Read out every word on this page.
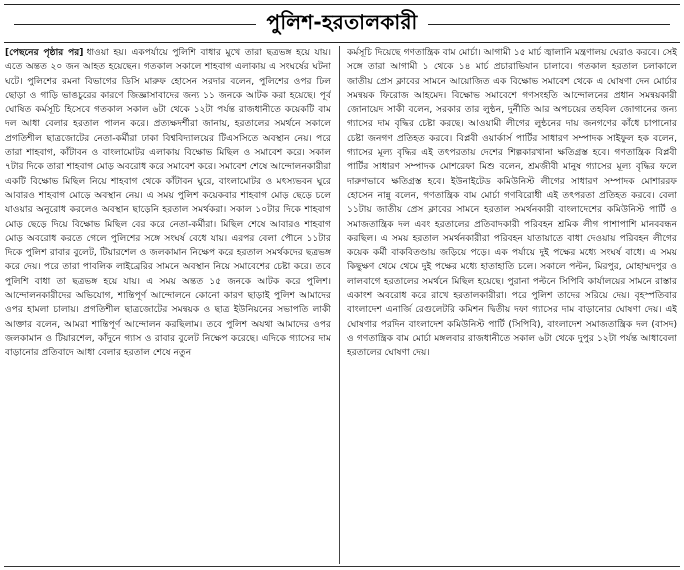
পুলিশ-হরতালকারী

[পেছনের পৃষ্ঠার পর] ধাওয়া হয়। একপর্যায়ে পুলিশি বাধার মুখে তারা ছত্রভঙ্গ হয়ে যায়। এতে অন্তত ২০ জন আহত হয়েছেন। গতকাল সকালে শাহবাগ এলাকায় এ সংঘর্ষের ঘটনা ঘটে। পুলিশের রমনা বিভাগের ডিসি মারুফ হোসেন সরদার বলেন, পুলিশের ওপর ঢিল ছোড়া ও গাড়ি ভাঙচুরের কারণে জিজ্ঞাসাবাদের জন্য ১১ জনকে আটক করা হয়েছে। পূর্ব ঘোষিত কর্মসূচি হিসেবে গতকাল সকাল ৬টা থেকে ১২টা পর্যন্ত রাজধানীতে কয়েকটি বাম দল আধা বেলার হরতাল পালন করে। প্রত্যক্ষদর্শীরা জানায়, হরতালের সমর্থনে সকালে প্রগতিশীল ছাত্রজোটের নেতা-কর্মীরা ঢাকা বিশ্ববিদ্যালয়ের টিএসসিতে অবস্থান নেয়। পরে তারা শাহবাগ, কাঁটাবন ও বাংলামোটর এলাকায় বিক্ষোভ মিছিল ও সমাবেশ করে। সকাল ৭টার দিকে তারা শাহবাগ মোড় অবরোধ করে সমাবেশ করে। সমাবেশ শেষে আন্দোলনকারীরা একটি বিক্ষোভ মিছিল নিয়ে শাহবাগ থেকে কাঁটাবন ঘুরে, বাংলামোটর ও মৎস্যভবন ঘুরে আবারও শাহবাগ মোড়ে অবস্থান নেয়। এ সময় পুলিশ কয়েকবার শাহবাগ মোড় ছেড়ে চলে যাওয়ার অনুরোধ করলেও অবস্থান ছাড়েনি হরতাল সমর্থকরা। সকাল ১০টার দিকে শাহবাগ মোড় ছেড়ে দিয়ে বিক্ষোভ মিছিল বের করে নেতা-কর্মীরা। মিছিল শেষে আবারও শাহবাগ মোড় অবরোধ করতে গেলে পুলিশের সঙ্গে সংঘর্ষ বেধে যায়। এরপর বেলা পৌনে ১১টার দিকে পুলিশ রাবার বুলেট, টিয়ারশেল ও জলকামান নিক্ষেপ করে হরতাল সমর্থকদের ছত্রভঙ্গ করে দেয়। পরে তারা পাবলিক লাইব্রেরির সামনে অবস্থান নিয়ে সমাবেশের চেষ্টা করে। তবে পুলিশি বাধা তা ছত্রভঙ্গ হয়ে যায়। এ সময় অন্তত ১৫ জনকে আটক করে পুলিশ। আন্দোলনকারীদের অভিযোগ, শান্তিপূর্ণ আন্দোলনে কোনো কারণ ছাড়াই পুলিশ আমাদের ওপর হামলা চালায়। প্রগতিশীল ছাত্রজোটের সমন্বয়ক ও ছাত্র ইউনিয়নের সভাপতি লাকী আক্তার বলেন, আমরা শান্তিপূর্ণ আন্দোলন করছিলাম। তবে পুলিশ অযথা আমাদের ওপর জলকামান ও টিয়ারশেল, কাঁদুনে গ্যাস ও রাবার বুলেট নিক্ষেপ করেছে। এদিকে গ্যাসের দাম বাড়ানোর প্রতিবাদে আধা বেলার হরতাল শেষে নতুন

কর্মসূচি দিয়েছে গণতান্ত্রিক বাম মোর্চা। আগামী ১৫ মার্চ জ্বালানি মন্ত্রণালয় ঘেরাও করবে। সেই সঙ্গে তারা আগামী ১ থেকে ১৪ মার্চ প্রচারাভিযান চালাবে। গতকাল হরতাল চলাকালে জাতীয় প্রেস ক্লাবের সামনে আয়োজিত এক বিক্ষোভ সমাবেশ থেকে এ ঘোষণা দেন মোর্চার সমন্বয়ক ফিরোজ আহমেদ। বিক্ষোভ সমাবেশে গণসংহতি আন্দোলনের প্রধান সমন্বয়কারী জোনায়েদ সাকী বলেন, সরকার তার লুন্ঠন, দুর্নীতি আর অপচয়ের তহবিল জোগানের জন্য গ্যাসের দাম বৃদ্ধির চেষ্টা করছে। আওয়ামী লীগের লুন্ঠনের দায় জনগণের কাঁধে চাপানোর চেষ্টা জনগণ প্রতিহত করবে। বিপ্লবী ওয়ার্কার্স পার্টির সাধারণ সম্পাদক সাইফুল হক বলেন, গ্যাসের মূল্য বৃদ্ধির এই তৎপরতায় দেশের শিল্পকারখানা ক্ষতিগ্রস্ত হবে। গণতান্ত্রিক বিপ্লবী পার্টির সাধারণ সম্পাদক মোশরেফা মিশু বলেন, শ্রমজীবী মানুষ গ্যাসের মূল্য বৃদ্ধির ফলে দারুণভাবে ক্ষতিগ্রস্ত হবে। ইউনাইটেড কমিউনিস্ট লীগের সাধারণ সম্পাদক মোশাররফ হোসেন নান্নু বলেন, গণতান্ত্রিক বাম মোর্চা গণবিরোধী এই তৎপরতা প্রতিহত করবে। বেলা ১১টায় জাতীয় প্রেস ক্লাবের সামনে হরতাল সমর্থনকারী বাংলাদেশের কমিউনিস্ট পার্টি ও সমাজতান্ত্রিক দল এবং হরতালের প্রতিবাদকারী পরিবহন শ্রমিক লীগ পাশাপাশি মানববন্ধন করছিল। এ সময় হরতাল সমর্থনকারীরা পরিবহন যাতায়াতে বাধা দেওয়ায় পরিবহন লীগের কয়েক কর্মী বাকবিতণ্ডায় জড়িয়ে পড়ে। এক পর্যায়ে দুই পক্ষের মধ্যে সংঘর্ষ বাধে। এ সময় কিছুক্ষণ থেমে থেমে দুই পক্ষের মধ্যে হাতাহাতি চলে। সকালে পল্টন, মিরপুর, মোহাম্মদপুর ও লালবাগে হরতালের সমর্থনে মিছিল হয়েছে। পুরানা পল্টনে সিপিবি কার্যালয়ের সামনে রাস্তার একাংশ অবরোধ করে রাখে হরতালকারীরা। পরে পুলিশ তাদের সরিয়ে দেয়। বৃহস্পতিবার বাংলাদেশ এনার্জি রেগুলেটরি কমিশন দ্বিতীয় দফা গ্যাসের দাম বাড়ানোর ঘোষণা দেয়। এই ঘোষণার পরদিন বাংলাদেশ কমিউনিস্ট পার্টি (সিপিবি), বাংলাদেশ সমাজতান্ত্রিক দল (বাসদ) ও গণতান্ত্রিক বাম মোর্চা মঙ্গলবার রাজধানীতে সকাল ৬টা থেকে দুপুর ১২টা পর্যন্ত আধাবেলা হরতালের ঘোষণা দেয়।
